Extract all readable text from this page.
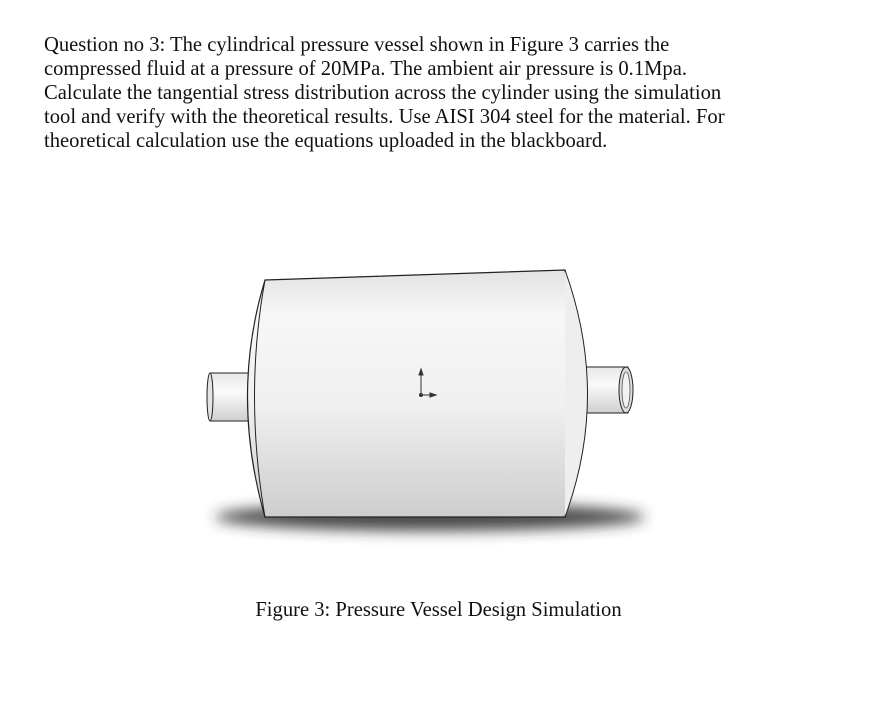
Question no 3: The cylindrical pressure vessel shown in Figure 3 carries the
compressed fluid at a pressure of 20MPa. The ambient air pressure is 0.1Mpa.
Calculate the tangential stress distribution across the cylinder using the simulation
tool and verify with the theoretical results. Use AISI 304 steel for the material. For
theoretical calculation use the equations uploaded in the blackboard.
Figure 3: Pressure Vessel Design Simulation
